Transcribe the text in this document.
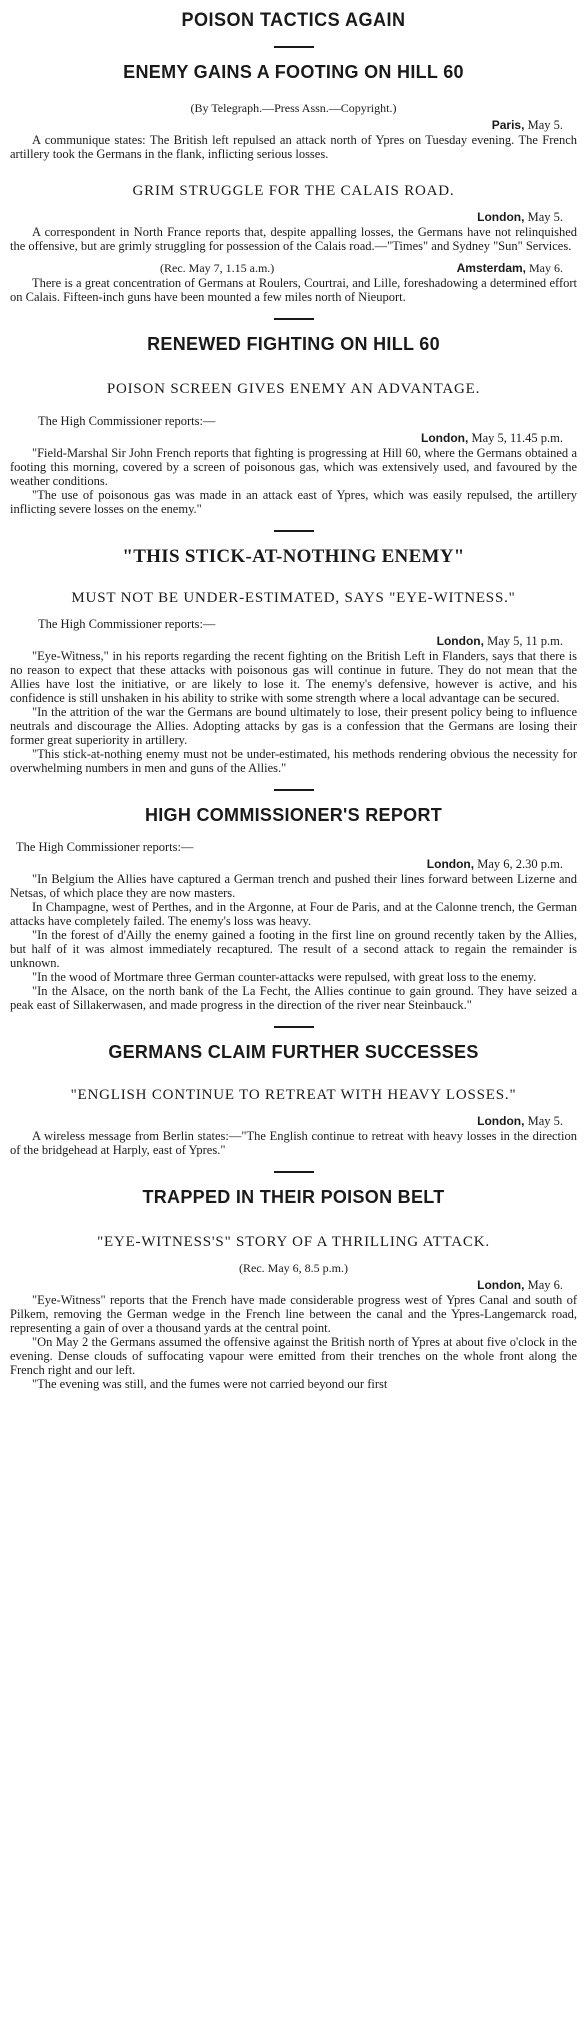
POISON TACTICS AGAIN
ENEMY GAINS A FOOTING ON HILL 60
(By Telegraph.—Press Assn.—Copyright.)
Paris, May 5.

A communique states: The British left repulsed an attack north of Ypres on Tuesday evening. The French artillery took the Germans in the flank, inflicting serious losses.

GRIM STRUGGLE FOR THE CALAIS ROAD.
London, May 5.

A correspondent in North France reports that, despite appalling losses, the Germans have not relinquished the offensive, but are grimly struggling for possession of the Calais road.—"Times" and Sydney "Sun" Services.

(Rec. May 7, 1.15 a.m.)	Amsterdam, May 6.

There is a great concentration of Germans at Roulers, Courtrai, and Lille, foreshadowing a determined effort on Calais. Fifteen-inch guns have been mounted a few miles north of Nieuport.

RENEWED FIGHTING ON HILL 60
POISON SCREEN GIVES ENEMY AN ADVANTAGE.
The High Commissioner reports:—
London, May 5, 11.45 p.m.

"Field-Marshal Sir John French reports that fighting is progressing at Hill 60, where the Germans obtained a footing this morning, covered by a screen of poisonous gas, which was extensively used, and favoured by the weather conditions.

"The use of poisonous gas was made in an attack east of Ypres, which was easily repulsed, the artillery inflicting severe losses on the enemy."

"THIS STICK-AT-NOTHING ENEMY"
MUST NOT BE UNDER-ESTIMATED, SAYS "EYE-WITNESS."
The High Commissioner reports:—
London, May 5, 11 p.m.

"Eye-Witness," in his reports regarding the recent fighting on the British Left in Flanders, says that there is no reason to expect that these attacks with poisonous gas will continue in future. They do not mean that the Allies have lost the initiative, or are likely to lose it. The enemy's defensive, however is active, and his confidence is still unshaken in his ability to strike with some strength where a local advantage can be secured.

"In the attrition of the war the Germans are bound ultimately to lose, their present policy being to influence neutrals and discourage the Allies. Adopting attacks by gas is a confession that the Germans are losing their former great superiority in artillery.

"This stick-at-nothing enemy must not be under-estimated, his methods rendering obvious the necessity for overwhelming numbers in men and guns of the Allies."

HIGH COMMISSIONER'S REPORT
The High Commissioner reports:—
London, May 6, 2.30 p.m.

"In Belgium the Allies have captured a German trench and pushed their lines forward between Lizerne and Netsas, of which place they are now masters.

In Champagne, west of Perthes, and in the Argonne, at Four de Paris, and at the Calonne trench, the German attacks have completely failed. The enemy's loss was heavy.

"In the forest of d'Ailly the enemy gained a footing in the first line on ground recently taken by the Allies, but half of it was almost immediately recaptured. The result of a second attack to regain the remainder is unknown.

"In the wood of Mortmare three German counter-attacks were repulsed, with great loss to the enemy.

"In the Alsace, on the north bank of the La Fecht, the Allies continue to gain ground. They have seized a peak east of Sillakerwasen, and made progress in the direction of the river near Steinbauck."

GERMANS CLAIM FURTHER SUCCESSES
"ENGLISH CONTINUE TO RETREAT WITH HEAVY LOSSES."
London, May 5.

A wireless message from Berlin states:—"The English continue to retreat with heavy losses in the direction of the bridgehead at Harply, east of Ypres."

TRAPPED IN THEIR POISON BELT
"EYE-WITNESS'S" STORY OF A THRILLING ATTACK.
(Rec. May 6, 8.5 p.m.)
London, May 6.

"Eye-Witness" reports that the French have made considerable progress west of Ypres Canal and south of Pilkem, removing the German wedge in the French line between the canal and the Ypres-Langemarck road, representing a gain of over a thousand yards at the central point.

"On May 2 the Germans assumed the offensive against the British north of Ypres at about five o'clock in the evening. Dense clouds of suffocating vapour were emitted from their trenches on the whole front along the French right and our left.

"The evening was still, and the fumes were not carried beyond our first
